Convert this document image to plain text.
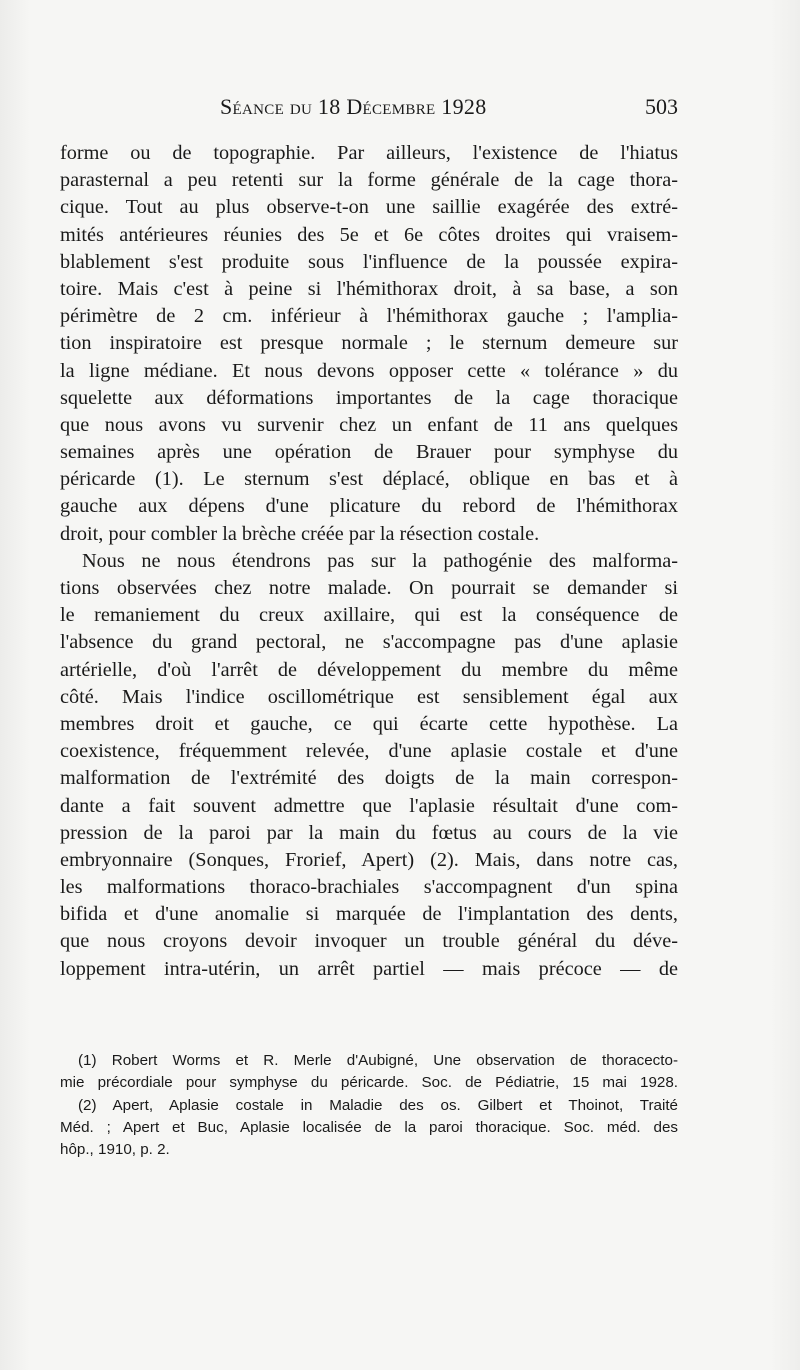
Séance du 18 Décembre 1928	503
forme ou de topographie. Par ailleurs, l'existence de l'hiatus
parasternal a peu retenti sur la forme générale de la cage thora-
cique. Tout au plus observe-t-on une saillie exagérée des extré-
mités antérieures réunies des 5e et 6e côtes droites qui vraisem-
blablement s'est produite sous l'influence de la poussée expira-
toire. Mais c'est à peine si l'hémithorax droit, à sa base, a son
périmètre de 2 cm. inférieur à l'hémithorax gauche ; l'amplia-
tion inspiratoire est presque normale ; le sternum demeure sur
la ligne médiane. Et nous devons opposer cette « tolérance » du
squelette aux déformations importantes de la cage thoracique
que nous avons vu survenir chez un enfant de 11 ans quelques
semaines après une opération de Brauer pour symphyse du
péricarde (1). Le sternum s'est déplacé, oblique en bas et à
gauche aux dépens d'une plicature du rebord de l'hémithorax
droit, pour combler la brèche créée par la résection costale.
Nous ne nous étendrons pas sur la pathogénie des malforma-
tions observées chez notre malade. On pourrait se demander si
le remaniement du creux axillaire, qui est la conséquence de
l'absence du grand pectoral, ne s'accompagne pas d'une aplasie
artérielle, d'où l'arrêt de développement du membre du même
côté. Mais l'indice oscillométrique est sensiblement égal aux
membres droit et gauche, ce qui écarte cette hypothèse. La
coexistence, fréquemment relevée, d'une aplasie costale et d'une
malformation de l'extrémité des doigts de la main correspon-
dante a fait souvent admettre que l'aplasie résultait d'une com-
pression de la paroi par la main du fœtus au cours de la vie
embryonnaire (Sonques, Frorief, Apert) (2). Mais, dans notre cas,
les malformations thoraco-brachiales s'accompagnent d'un spina
bifida et d'une anomalie si marquée de l'implantation des dents,
que nous croyons devoir invoquer un trouble général du déve-
loppement intra-utérin, un arrêt partiel — mais précoce — de
(1) Robert Worms et R. Merle d'Aubigné, Une observation de thoracecto-
mie précordiale pour symphyse du péricarde. Soc. de Pédiatrie, 15 mai 1928.
(2) Apert, Aplasie costale in Maladie des os. Gilbert et Thoinot, Traité
Méd. ; Apert et Buc, Aplasie localisée de la paroi thoracique. Soc. méd. des
hôp., 1910, p. 2.
